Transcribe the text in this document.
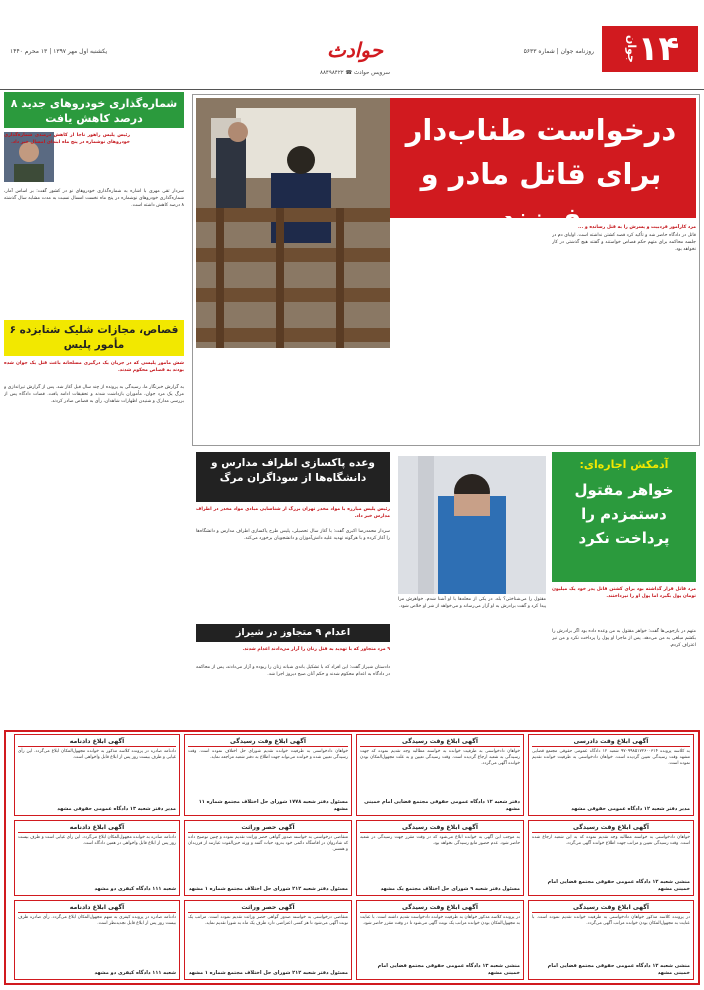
۱۴
جوان
روزنامه جوان | شماره ۵۶۳۳
یکشنبه اول مهر ۱۳۹۷ | ۱۳ محرم ۱۴۴۰	حوادث
سرویس حوادث ☎ ۸۸۴۹۸۴۲۲
درخواست طناب‌دار برای قاتل مادر و فرزند

مرد کارآموز فرد‌بیت و پسرش را به قتل رسانده و ...

قاتل در دادگاه حاضر شد و تأکید کرد قصد کشتن نداشته است. اولیای دم در جلسه محاکمه برای متهم حکم قصاص خواستند و گفتند هیچ گذشتی در کار نخواهد بود.

شماره‌گذاری خودروهای جدید ۸ درصد کاهش یافت

رئیس پلیس راهور ناجا از کاهش درصدی شماره‌گذاری خودروهای نوشماره در پنج ماه ابتدای امسال خبر داد.

سردار تقی مهری با اشاره به شماره‌گذاری خودروهای نو در کشور گفت: بر اساس آمار، شماره‌گذاری خودروهای نوشماره در پنج ماه نخست امسال نسبت به مدت مشابه سال گذشته ۸ درصد کاهش داشته است.
قصاص، مجازات شلیک شتابزده ۶ مأمور پلیس
شش مأمور پلیسی که در جریان یک درگیری مسلحانه باعث قتل یک جوان شده بودند به قصاص محکوم شدند.
به گزارش خبرنگار ما، رسیدگی به پرونده از چند سال قبل آغاز شد. پس از گزارش تیراندازی و مرگ یک مرد جوان، مأموران بازداشت شدند و تحقیقات ادامه یافت. قضات دادگاه پس از بررسی مدارک و شنیدن اظهارات شاهدان، رأی به قصاص صادر کردند.
وعده پاکسازی اطراف مدارس و دانشگاه‌ها از سوداگران مرگ
رئیس پلیس مبارزه با مواد مخدر تهران بزرگ از شناسایی مبادی مواد مخدر در اطراف مدارس خبر داد.
سردار محمد‌رضا اکبری گفت: با آغاز سال تحصیلی، پلیس طرح پاکسازی اطراف مدارس و دانشگاه‌ها را آغاز کرده و با هرگونه تهدید علیه دانش‌آموزان و دانشجویان برخورد می‌کند.
اعدام ۹ متجاوز در شیراز
۹ مرد متجاوز که با تهدید به قتل زنان را آزار می‌دادند اعدام شدند.
دادستان شیراز گفت: این افراد که با تشکیل باندی شبانه زنان را ربوده و آزار می‌دادند، پس از محاکمه در دادگاه به اعدام محکوم شدند و حکم آنان صبح دیروز اجرا شد.
آدمکش اجاره‌ای:
خواهر مقتول دستمزدم را پرداخت نکرد
مرد قاتل قرار گذاشته بود برای کشتن قاتل پدر خود یک میلیون تومان پول بگیرد اما پول او را نپرداختند.
متهم در بازجویی‌ها گفت: خواهر مقتول به من وعده داده بود اگر برادرش را بکشم مبلغی به من می‌دهد. پس از ماجرا او پول را پرداخت نکرد و من نیز اعتراف کردم.
مقتول را می‌شناختی؟ بله. در یکی از محله‌ها با او آشنا شدم. خواهرش مرا پیدا کرد و گفت برادرش به او آزار می‌رساند و می‌خواهد از شر او خلاص شود.
آگهی ابلاغ وقت دادرسی
به کلاسه پرونده ۹۷۰۹۹۸۵۱۷۲۶۰۰۳۱۴ شعبه ۱۲ دادگاه عمومی حقوقی مجتمع قضایی مشهد وقت رسیدگی تعیین گردیده است. خواهان دادخواستی به طرفیت خوانده تقدیم نموده است.
مدیر دفتر شعبه ۱۲ دادگاه عمومی حقوقی مشهد
آگهی ابلاغ وقت رسیدگی
خواهان دادخواستی به طرفیت خوانده به خواسته مطالبه وجه تقدیم نموده که جهت رسیدگی به شعبه ارجاع گردیده است. وقت رسیدگی تعیین و به علت مجهول‌المکان بودن خوانده آگهی می‌گردد.
دفتر شعبه ۱۲ دادگاه عمومی حقوقی مجتمع قضایی امام خمینی مشهد
آگهی ابلاغ وقت رسیدگی
خواهان دادخواستی به طرفیت خوانده تقدیم شورای حل اختلاف نموده است. وقت رسیدگی تعیین شده و خوانده می‌تواند جهت اطلاع به دفتر شعبه مراجعه نماید.
مسئول دفتر شعبه ۱۷۷۸ شورای حل اختلاف مجتمع شماره ۱۱ مشهد
آگهی ابلاغ دادنامه
دادنامه صادره در پرونده کلاسه مذکور به خوانده مجهول‌المکان ابلاغ می‌گردد. این رأی غیابی و ظرف بیست روز پس از ابلاغ قابل واخواهی است.
مدیر دفتر شعبه ۱۳ دادگاه عمومی حقوقی مشهد
آگهی ابلاغ وقت رسیدگی
خواهان دادخواستی به خواسته مطالبه وجه تقدیم نموده که به این شعبه ارجاع شده است. وقت رسیدگی تعیین و مراتب جهت اطلاع خوانده آگهی می‌گردد.
منشی شعبه ۱۲ دادگاه عمومی حقوقی مجتمع قضایی امام خمینی مشهد
آگهی ابلاغ وقت رسیدگی
به موجب این آگهی به خوانده ابلاغ می‌شود که در وقت مقرر جهت رسیدگی در شعبه حاضر شود. عدم حضور مانع رسیدگی نخواهد بود.
مسئول دفتر شعبه ۹ شورای حل اختلاف مجتمع یک مشهد
آگهی حصر وراثت
متقاضی درخواستی به خواسته صدور گواهی حصر وراثت تقدیم نموده و چنین توضیح داده که شادروان در اقامتگاه دائمی خود بدرود حیات گفته و ورثه حین‌الفوت عبارتند از فرزندان و همسر.
مسئول دفتر شعبه ۲۱۲ شورای حل اختلاف مجتمع شماره ۱ مشهد
آگهی ابلاغ دادنامه
دادنامه صادره به خوانده مجهول‌المکان ابلاغ می‌گردد. این رأی غیابی است و ظرف بیست روز پس از ابلاغ قابل واخواهی در همین دادگاه است.
شعبه ۱۱۱ دادگاه کیفری دو مشهد
آگهی ابلاغ وقت رسیدگی
در پرونده کلاسه مذکور خواهان دادخواستی به طرفیت خوانده تقدیم نموده است. با عنایت به مجهول‌المکان بودن خوانده مراتب آگهی می‌گردد.
منشی شعبه ۱۲ دادگاه عمومی حقوقی مجتمع قضایی امام خمینی مشهد
آگهی ابلاغ وقت رسیدگی
در پرونده کلاسه مذکور خواهان به طرفیت خوانده دادخواست تقدیم داشته است. با عنایت به مجهول‌المکان بودن خوانده مراتب یک نوبت آگهی می‌شود تا در وقت مقرر حاضر شود.
منشی شعبه ۱۳ دادگاه عمومی حقوقی مجتمع قضایی امام خمینی مشهد
آگهی حصر وراثت
متقاضی درخواستی به خواسته صدور گواهی حصر وراثت تقدیم نموده است. مراتب یک نوبت آگهی می‌شود تا هر کسی اعتراضی دارد ظرف یک ماه به شورا تقدیم نماید.
مسئول دفتر شعبه ۲۱۲ شورای حل اختلاف مجتمع شماره ۱ مشهد
آگهی ابلاغ دادنامه
دادنامه صادره در پرونده کیفری به متهم مجهول‌المکان ابلاغ می‌گردد. رأی صادره ظرف بیست روز پس از ابلاغ قابل تجدیدنظر است.
شعبه ۱۱۱ دادگاه کیفری دو مشهد
